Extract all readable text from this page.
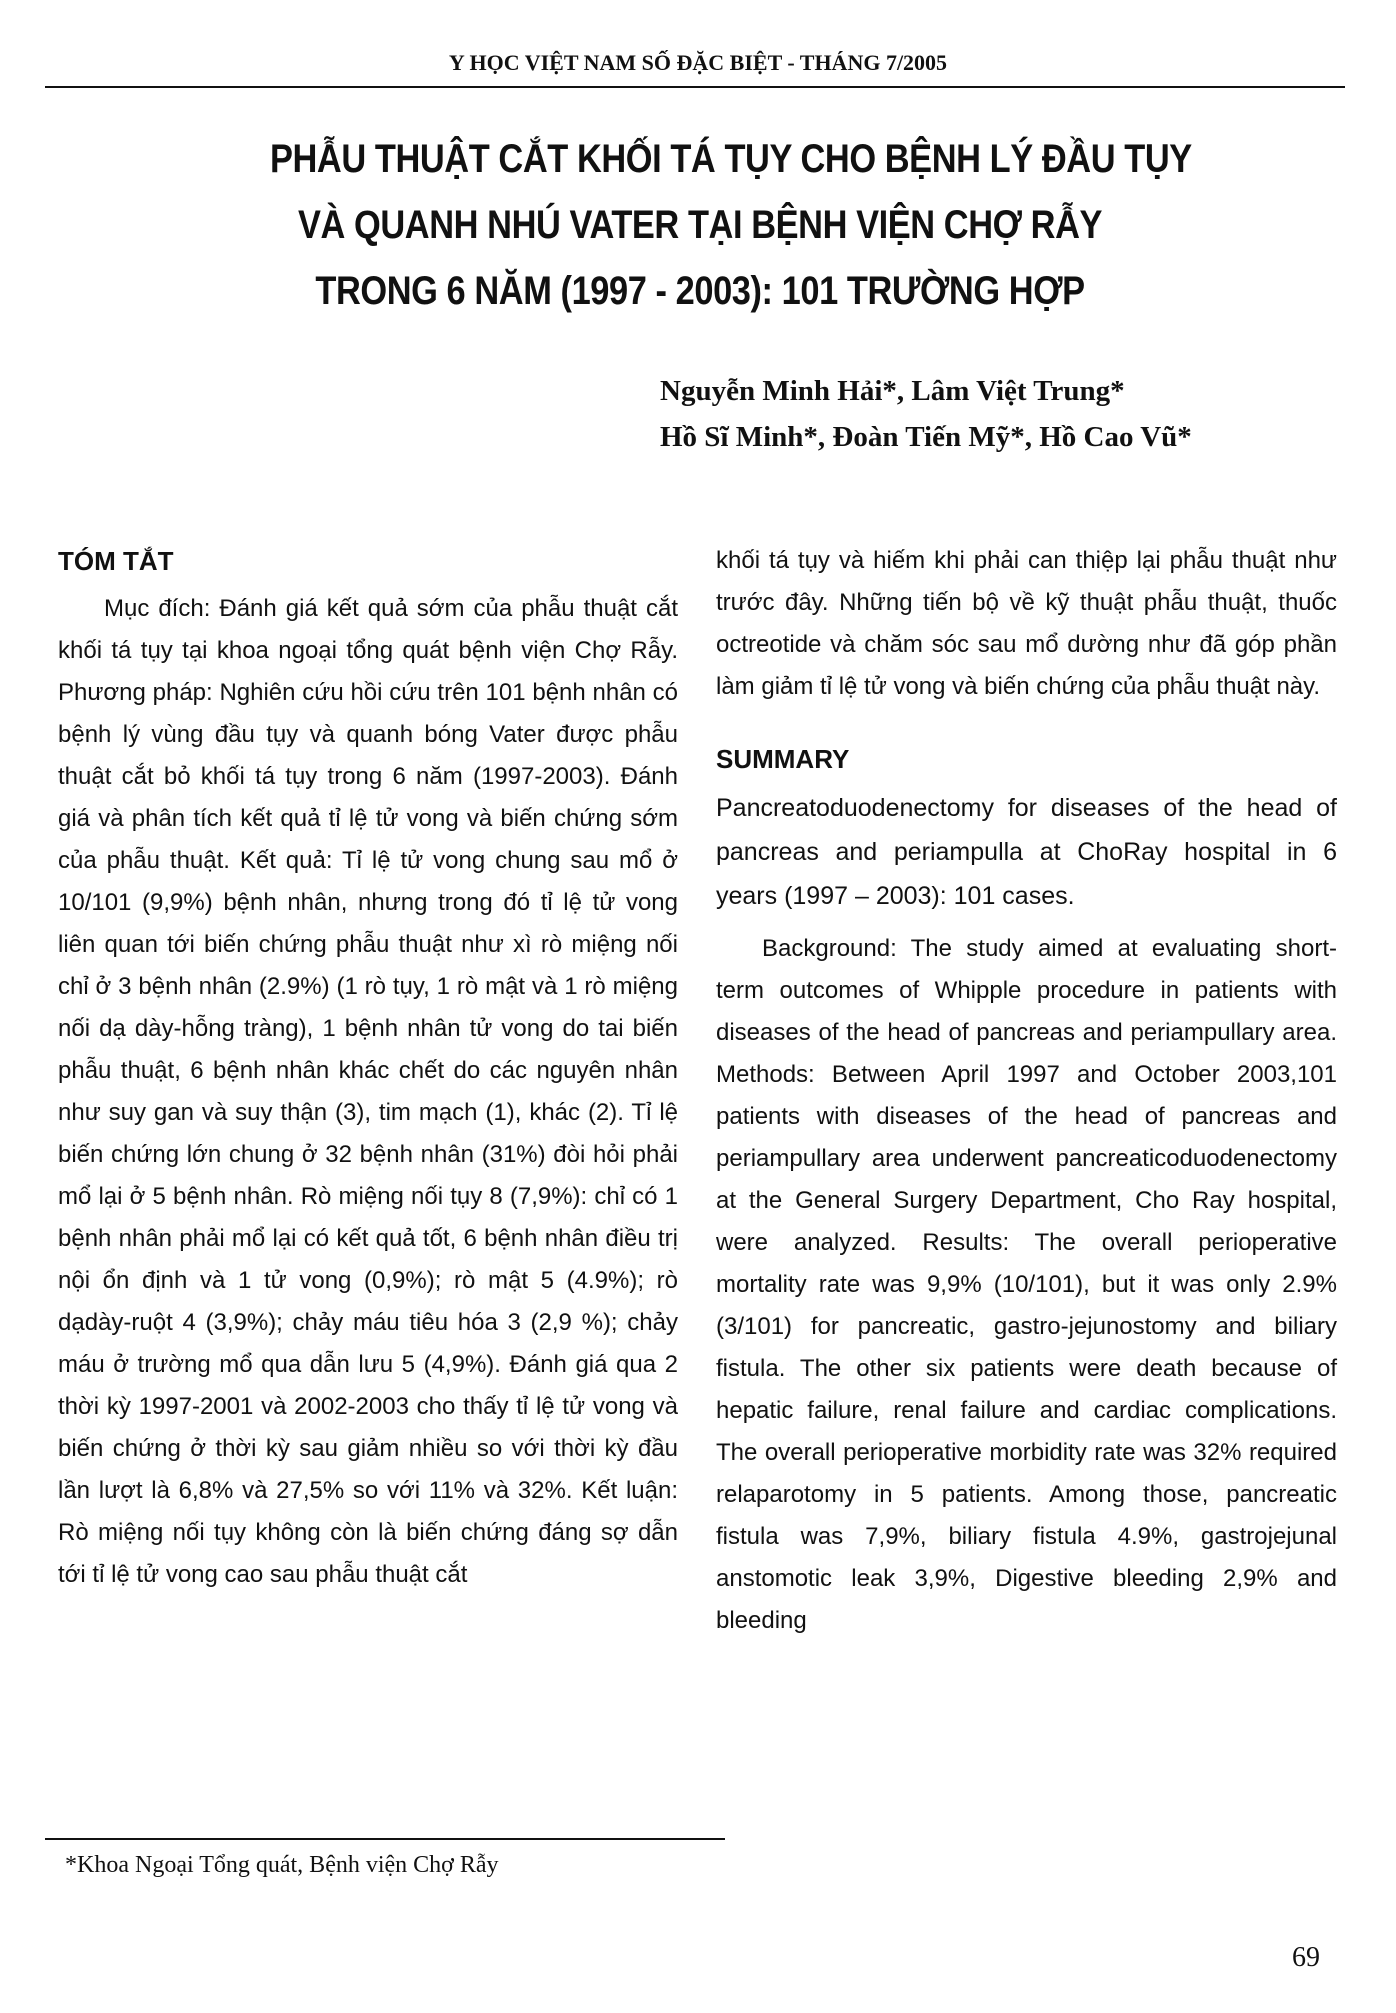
Y HỌC VIỆT NAM SỐ ĐẶC BIỆT - THÁNG 7/2005
PHẪU THUẬT CẮT KHỐI TÁ TỤY CHO BỆNH LÝ ĐẦU TỤY
VÀ QUANH NHÚ VATER TẠI BỆNH VIỆN CHỢ RẪY
TRONG 6 NĂM (1997 - 2003): 101 TRƯỜNG HỢP
Nguyễn Minh Hải*, Lâm Việt Trung*
Hồ Sĩ Minh*, Đoàn Tiến Mỹ*, Hồ Cao Vũ*
TÓM TẮT

Mục đích: Đánh giá kết quả sớm của phẫu thuật cắt khối tá tụy tại khoa ngoại tổng quát bệnh viện Chợ Rẫy. Phương pháp: Nghiên cứu hồi cứu trên 101 bệnh nhân có bệnh lý vùng đầu tụy và quanh bóng Vater được phẫu thuật cắt bỏ khối tá tụy trong 6 năm (1997-2003). Đánh giá và phân tích kết quả tỉ lệ tử vong và biến chứng sớm của phẫu thuật. Kết quả: Tỉ lệ tử vong chung sau mổ ở 10/101 (9,9%) bệnh nhân, nhưng trong đó tỉ lệ tử vong liên quan tới biến chứng phẫu thuật như xì rò miệng nối chỉ ở 3 bệnh nhân (2.9%) (1 rò tụy, 1 rò mật và 1 rò miệng nối dạ dày-hỗng tràng), 1 bệnh nhân tử vong do tai biến phẫu thuật, 6 bệnh nhân khác chết do các nguyên nhân như suy gan và suy thận (3), tim mạch (1), khác (2). Tỉ lệ biến chứng lớn chung ở 32 bệnh nhân (31%) đòi hỏi phải mổ lại ở 5 bệnh nhân. Rò miệng nối tụy 8 (7,9%): chỉ có 1 bệnh nhân phải mổ lại có kết quả tốt, 6 bệnh nhân điều trị nội ổn định và 1 tử vong (0,9%); rò mật 5 (4.9%); rò dạdày-ruột 4 (3,9%); chảy máu tiêu hóa 3 (2,9 %); chảy máu ở trường mổ qua dẫn lưu 5 (4,9%). Đánh giá qua 2 thời kỳ 1997-2001 và 2002-2003 cho thấy tỉ lệ tử vong và biến chứng ở thời kỳ sau giảm nhiều so với thời kỳ đầu lần lượt là 6,8% và 27,5% so với 11% và 32%. Kết luận: Rò miệng nối tụy không còn là biến chứng đáng sợ dẫn tới tỉ lệ tử vong cao sau phẫu thuật cắt

khối tá tụy và hiếm khi phải can thiệp lại phẫu thuật như trước đây. Những tiến bộ về kỹ thuật phẫu thuật, thuốc octreotide và chăm sóc sau mổ dường như đã góp phần làm giảm tỉ lệ tử vong và biến chứng của phẫu thuật này.

SUMMARY

Pancreatoduodenectomy for diseases of the head of pancreas and periampulla at ChoRay hospital in 6 years (1997 – 2003): 101 cases.

Background: The study aimed at evaluating short-term outcomes of Whipple procedure in patients with diseases of the head of pancreas and periampullary area. Methods: Between April 1997 and October 2003,101 patients with diseases of the head of pancreas and periampullary area underwent pancreaticoduodenectomy at the General Surgery Department, Cho Ray hospital, were analyzed. Results: The overall perioperative mortality rate was 9,9% (10/101), but it was only 2.9% (3/101) for pancreatic, gastro-jejunostomy and biliary fistula. The other six patients were death because of hepatic failure, renal failure and cardiac complications. The overall perioperative morbidity rate was 32% required relaparotomy in 5 patients. Among those, pancreatic fistula was 7,9%, biliary fistula 4.9%, gastrojejunal anstomotic leak 3,9%, Digestive bleeding 2,9% and bleeding

*Khoa Ngoại Tổng quát, Bệnh viện Chợ Rẫy
69
